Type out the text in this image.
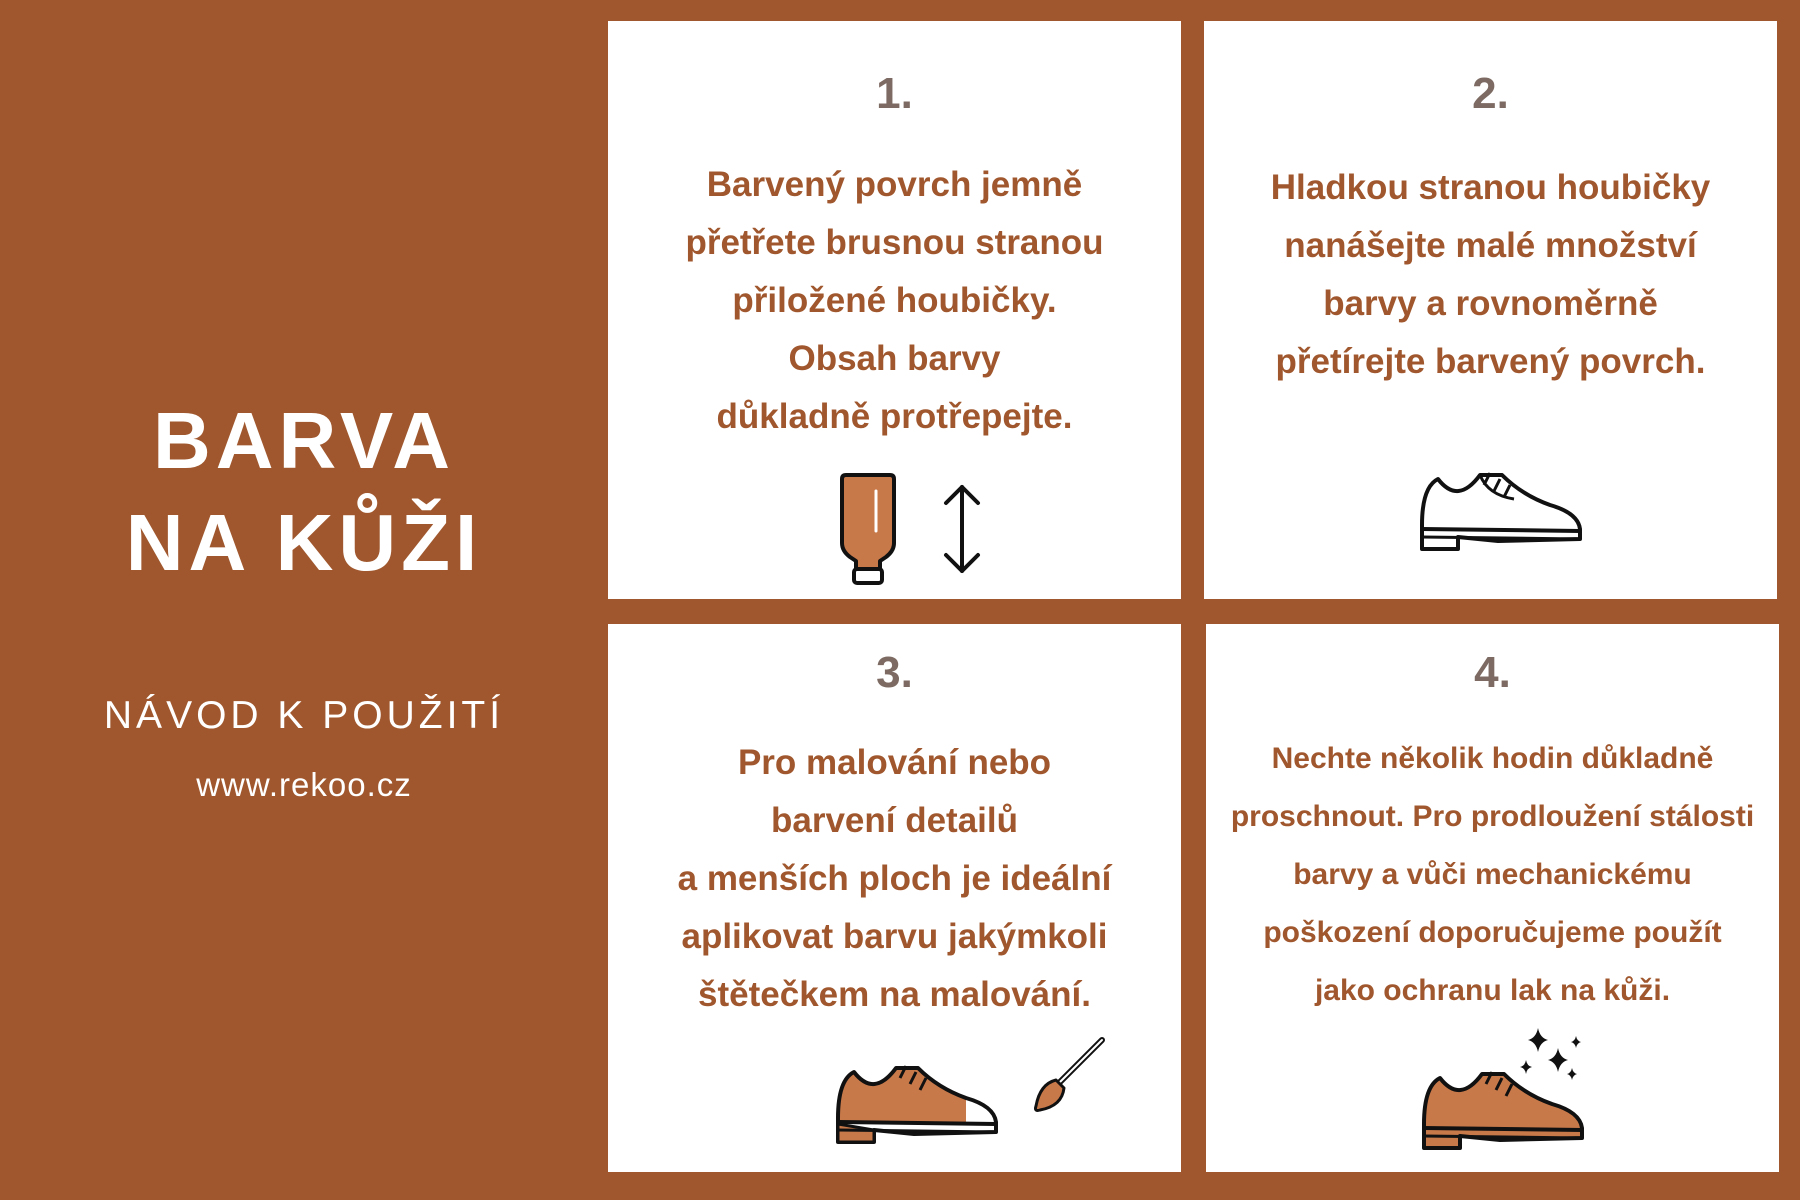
BARVA
NA KŮŽI
NÁVOD K POUŽITÍ
www.rekoo.cz
1.
Barvený povrch jemně
přetřete brusnou stranou
přiložené houbičky.
Obsah barvy
důkladně protřepejte.
2.
Hladkou stranou houbičky
nanášejte malé množství
barvy a rovnoměrně
přetírejte barvený povrch.
3.
Pro malování nebo
barvení detailů
a menších ploch je ideální
aplikovat barvu jakýmkoli
štětečkem na malování.
4.
Nechte několik hodin důkladně
proschnout. Pro prodloužení stálosti
barvy a vůči mechanickému
poškození doporučujeme použít
jako ochranu lak na kůži.
